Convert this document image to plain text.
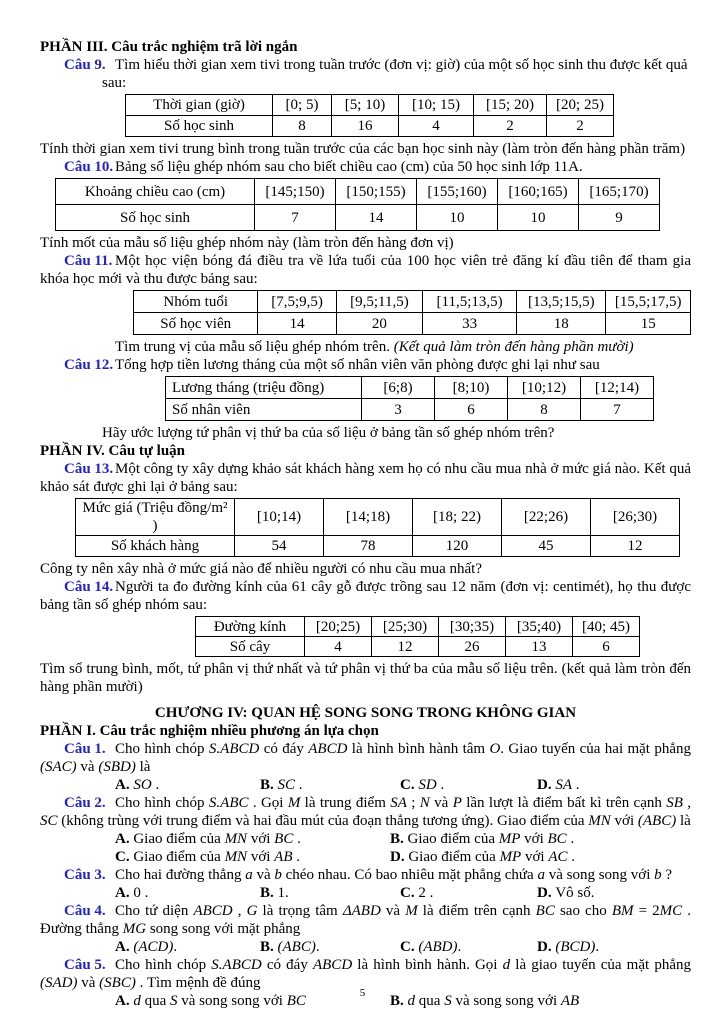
PHẦN III. Câu trắc nghiệm trã lời ngắn

Câu 9. Tìm hiểu thời gian xem tivi trong tuần trước (đơn vị: giờ) của một số học sinh thu được kết quả

sau:

Thời gian (giờ)	[0; 5)	[5; 10)	[10; 15)	[15; 20)	[20; 25)
Số học sinh	8	16	4	2	2

Tính thời gian xem tivi trung bình trong tuần trước của các bạn học sinh này (làm tròn đến hàng phần trăm)

Câu 10. Bảng số liệu ghép nhóm sau cho biết chiều cao (cm) của 50 học sinh lớp 11A.

Khoảng chiều cao (cm)	[145;150)	[150;155)	[155;160)	[160;165)	[165;170)
Số học sinh	7	14	10	10	9

Tính mốt của mẫu số liệu ghép nhóm này (làm tròn đến hàng đơn vị)

Câu 11. Một học viện bóng đá điều tra về lứa tuổi của 100 học viên trẻ đăng kí đầu tiên để tham gia khóa học mới và thu được bảng sau:

Nhóm tuổi	[7,5;9,5)	[9,5;11,5)	[11,5;13,5)	[13,5;15,5)	[15,5;17,5)
Số học viên	14	20	33	18	15

Tìm trung vị của mẫu số liệu ghép nhóm trên. (Kết quả làm tròn đến hàng phần mười)

Câu 12. Tổng hợp tiền lương tháng của một số nhân viên văn phòng được ghi lại như sau

Lương tháng (triệu đồng)	[6;8)	[8;10)	[10;12)	[12;14)
Số nhân viên	3	6	8	7

Hãy ước lượng tứ phân vị thứ ba của số liệu ở bảng tần số ghép nhóm trên?

PHẦN IV. Câu tự luận

Câu 13. Một công ty xây dựng khảo sát khách hàng xem họ có nhu cầu mua nhà ở mức giá nào. Kết quả khảo sát được ghi lại ở bảng sau:

Mức giá (Triệu đồng/m² )	[10;14)	[14;18)	[18; 22)	[22;26)	[26;30)
Số khách hàng	54	78	120	45	12

Công ty nên xây nhà ở mức giá nào để nhiều người có nhu cầu mua nhất?

Câu 14. Người ta đo đường kính của 61 cây gỗ được trồng sau 12 năm (đơn vị: centimét), họ thu được bảng tần số ghép nhóm sau:

Đường kính	[20;25)	[25;30)	[30;35)	[35;40)	[40; 45)
Số cây	4	12	26	13	6

Tìm số trung bình, mốt, tứ phân vị thứ nhất và tứ phân vị thứ ba của mẫu số liệu trên. (kết quả làm tròn đến hàng phần mười)

CHƯƠNG IV: QUAN HỆ SONG SONG TRONG KHÔNG GIAN

PHẦN I. Câu trắc nghiệm nhiều phương án lựa chọn

Câu 1. Cho hình chóp S.ABCD có đáy ABCD là hình bình hành tâm O. Giao tuyến của hai mặt phẳng (SAC) và (SBD) là

A. SO .	B. SC .	C. SD .	D. SA .

Câu 2. Cho hình chóp S.ABC . Gọi M là trung điểm SA ; N và P lần lượt là điểm bất kì trên cạnh SB , SC (không trùng với trung điểm và hai đầu mút của đoạn thẳng tương ứng). Giao điểm của MN với (ABC) là

A. Giao điểm của MN với BC .	B. Giao điểm của MP với BC .
C. Giao điểm của MN với AB .	D. Giao điểm của MP với AC .

Câu 3. Cho hai đường thẳng a và b chéo nhau. Có bao nhiêu mặt phẳng chứa a và song song với b ?

A. 0 .	B. 1.	C. 2 .	D. Vô số.

Câu 4. Cho tứ diện ABCD , G là trọng tâm ΔABD và M là điểm trên cạnh BC sao cho BM = 2MC . Đường thẳng MG song song với mặt phẳng

A. (ACD).	B. (ABC).	C. (ABD).	D. (BCD).

Câu 5. Cho hình chóp S.ABCD có đáy ABCD là hình bình hành. Gọi d là giao tuyến của mặt phẳng (SAD) và (SBC) . Tìm mệnh đề đúng

A. d qua S và song song với BC	B. d qua S và song song với AB
5
